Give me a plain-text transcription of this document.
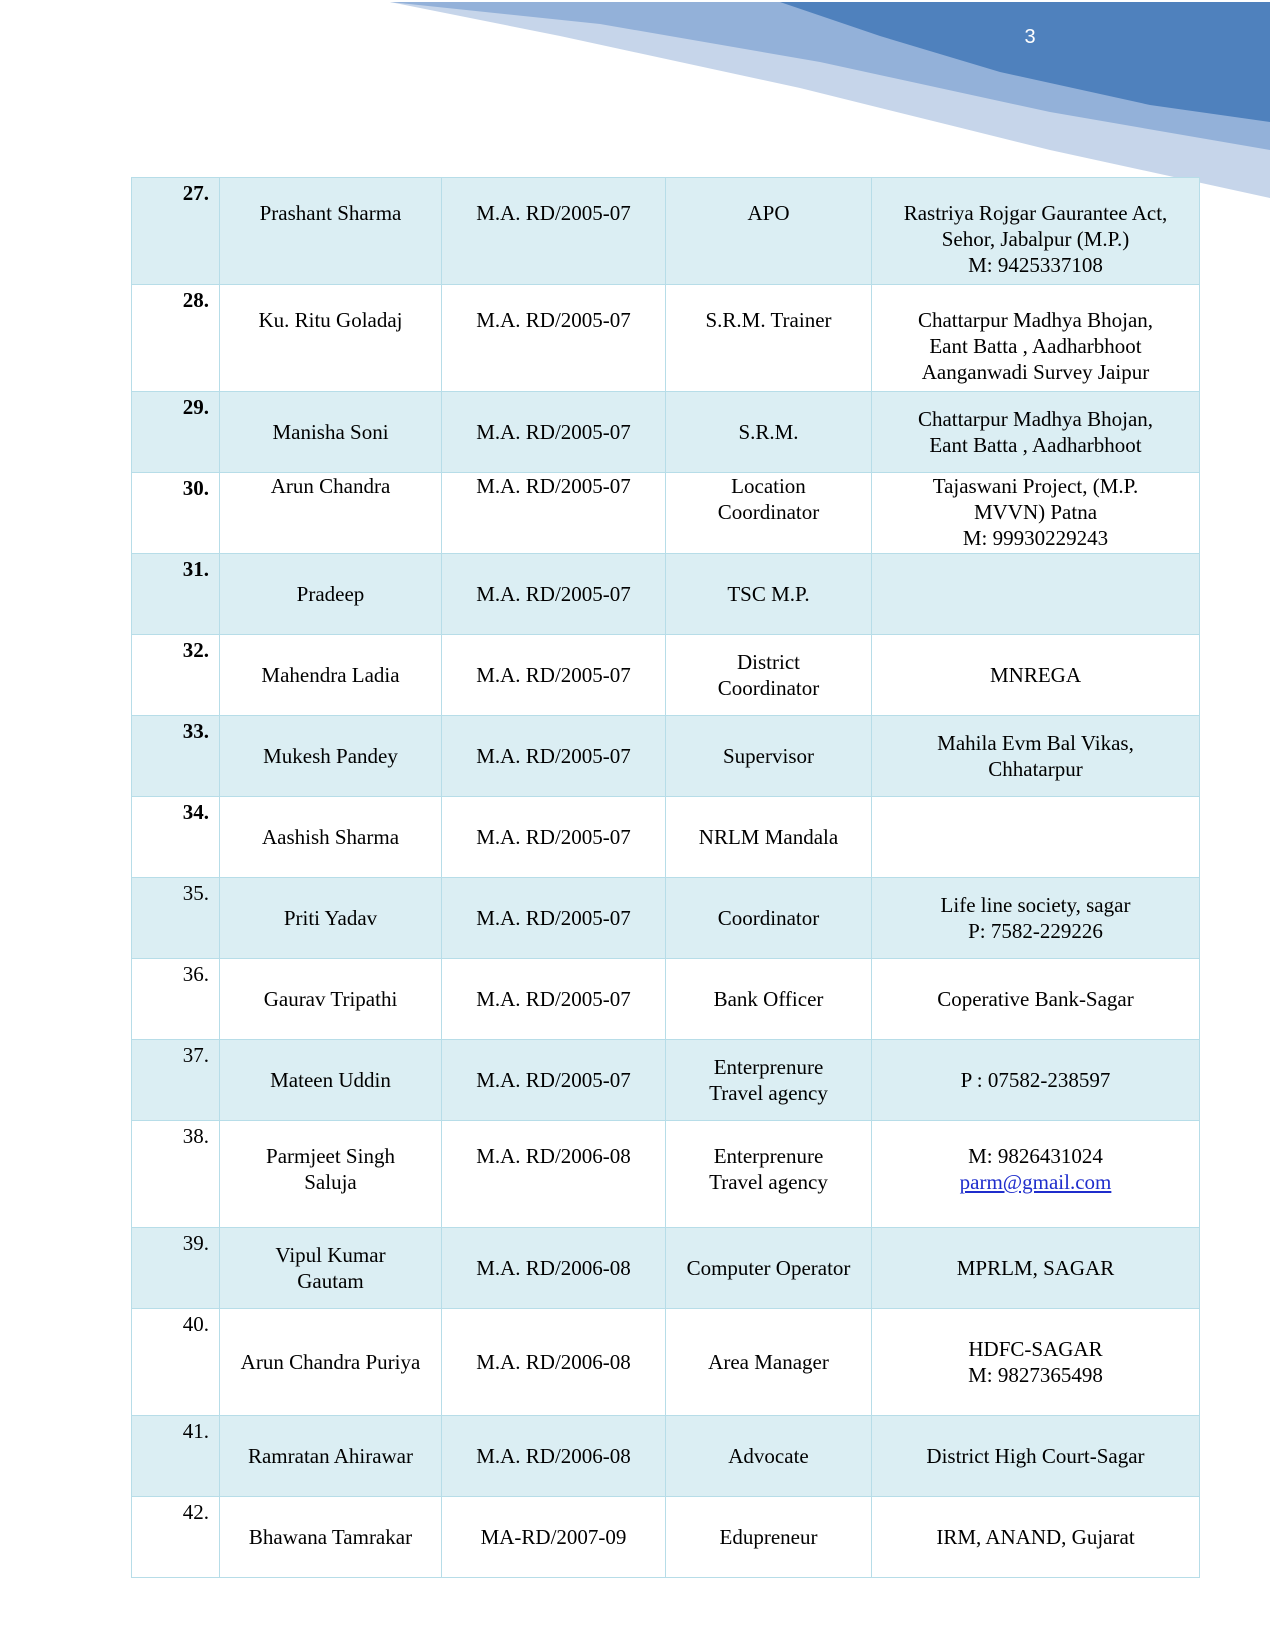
3
27.	Prashant Sharma	M.A. RD/2005-07	APO	Rastriya Rojgar Gaurantee Act,
Sehor, Jabalpur (M.P.)
M: 9425337108

28.	Ku. Ritu Goladaj	M.A. RD/2005-07	S.R.M. Trainer	Chattarpur Madhya Bhojan,
Eant Batta , Aadharbhoot
Aanganwadi Survey Jaipur

29.	Manisha Soni	M.A. RD/2005-07	S.R.M.	Chattarpur Madhya Bhojan,
Eant Batta , Aadharbhoot

30.	Arun Chandra	M.A. RD/2005-07	Location
Coordinator	Tajaswani Project, (M.P.
MVVN) Patna
M: 99930229243

31.	Pradeep	M.A. RD/2005-07	TSC M.P.	

32.	Mahendra Ladia	M.A. RD/2005-07	District
Coordinator	MNREGA

33.	Mukesh Pandey	M.A. RD/2005-07	Supervisor	Mahila Evm Bal Vikas,
Chhatarpur

34.	Aashish Sharma	M.A. RD/2005-07	NRLM Mandala	

35.	Priti Yadav	M.A. RD/2005-07	Coordinator	Life line society, sagar
P: 7582-229226

36.	Gaurav Tripathi	M.A. RD/2005-07	Bank Officer	Coperative Bank-Sagar

37.	Mateen Uddin	M.A. RD/2005-07	Enterprenure
Travel agency	P : 07582-238597

38.	Parmjeet Singh
Saluja	M.A. RD/2006-08	Enterprenure
Travel agency	M: 9826431024
parm@gmail.com

39.	Vipul Kumar
Gautam	M.A. RD/2006-08	Computer Operator	MPRLM, SAGAR

40.	Arun Chandra Puriya	M.A. RD/2006-08	Area Manager	HDFC-SAGAR
M: 9827365498

41.	Ramratan Ahirawar	M.A. RD/2006-08	Advocate	District High Court-Sagar

42.	Bhawana Tamrakar	MA-RD/2007-09	Edupreneur	IRM, ANAND, Gujarat
